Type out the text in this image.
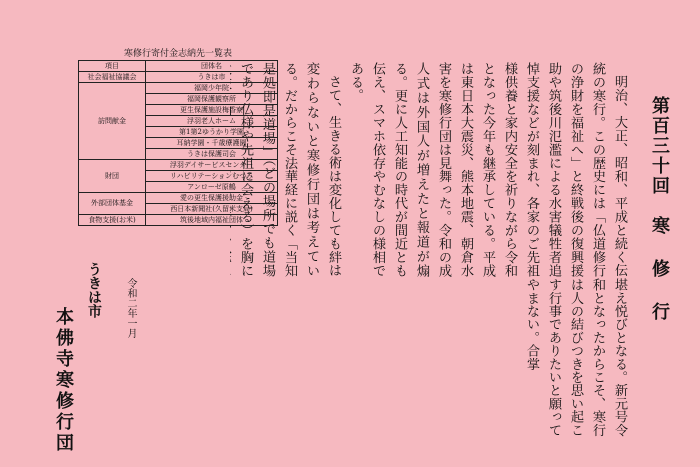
第百三十回　寒 修 行

明治、大正、昭和、平成と続く伝統の寒行。この歴史には「仏道修行の浄財を福祉へ」と終戦後の復興援助や筑後川氾濫による水害犠牲者追悼支援などが刻まれ、各家のご先祖様供養と家内安全を祈りながら令和となった今年も継承している。平成は東日本大震災、熊本地震、朝倉水害を寒修行団は見舞った。令和の成人式は外国人が増えたと報道が煽る。更に人工知能の時代が間近とも伝え、スマホ依存やむなしの様相である。

さて、生きる術は変化しても絆は変わらないと寒修行団は考えている。だからこそ法華経に説く「当知是処即是道場」（どの場所でも道場であり仏様や先祖に会える）を胸に

堪え悦びとなる。新元号令和となったからこそ、寒行は人の結びつきを思い起こす行事でありたいと願ってやまない。合掌

令和二年一月
うきは市
本佛寺寒修行団
寒修行寄付金志納先一覧表
項目	団体名
社会福祉協議会	うきは市
訪問献金	福岡少年院
	福岡保護観察所
	更生保護施設梅香寮
	浮羽老人ホーム
	第1第2ゆうかり学園
	耳納学園・千歳療護園
	うきは保護司会
財団	浮羽デイサービスセンター
	リハビリテーションむつみ
	アンローゼ原鶴
外部団体基金	愛の更生保護援助金
	西日本新聞社(久留米支局)
食物支援(お米)	筑後地域内福祉団体
